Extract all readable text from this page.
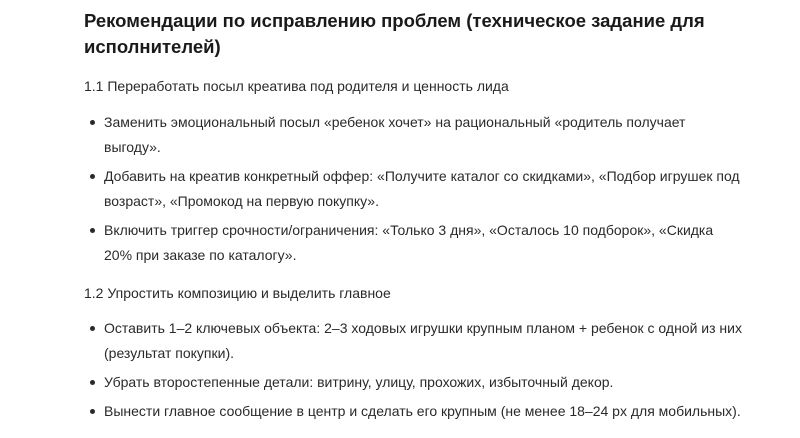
Рекомендации по исправлению проблем (техническое задание для исполнителей)

1.1 Переработать посыл креатива под родителя и ценность лида

Заменить эмоциональный посыл «ребенок хочет» на рациональный «родитель получает выгоду».
Добавить на креатив конкретный оффер: «Получите каталог со скидками», «Подбор игрушек под возраст», «Промокод на первую покупку».
Включить триггер срочности/ограничения: «Только 3 дня», «Осталось 10 подборок», «Скидка 20% при заказе по каталогу».

1.2 Упростить композицию и выделить главное

Оставить 1–2 ключевых объекта: 2–3 ходовых игрушки крупным планом + ребенок с одной из них (результат покупки).
Убрать второстепенные детали: витрину, улицу, прохожих, избыточный декор.
Вынести главное сообщение в центр и сделать его крупным (не менее 18–24 px для мобильных).
